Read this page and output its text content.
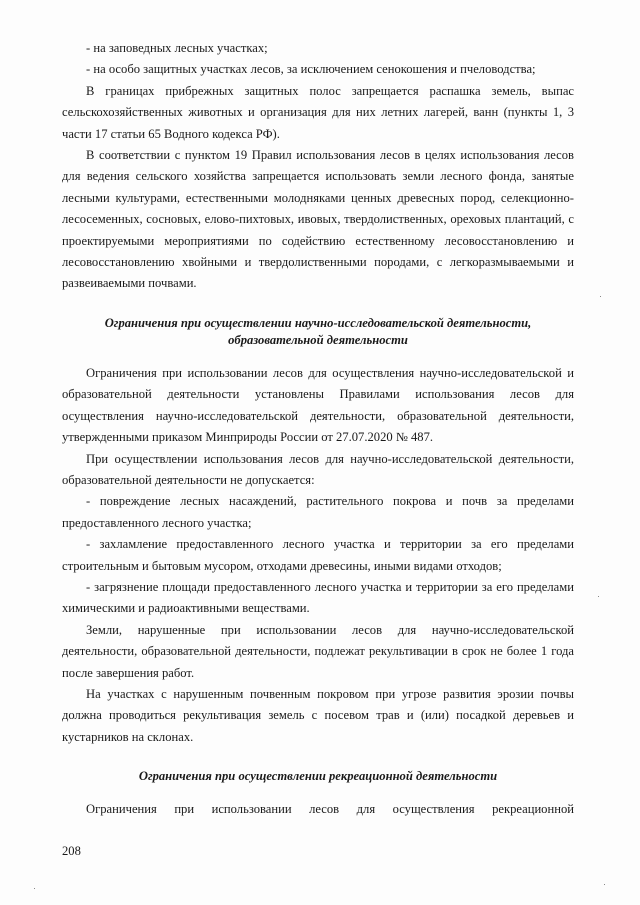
- на заповедных лесных участках;

- на особо защитных участках лесов, за исключением сенокошения и пчеловодства;

В границах прибрежных защитных полос запрещается распашка земель, выпас сельскохозяйственных животных и организация для них летних лагерей, ванн (пункты 1, 3 части 17 статьи 65 Водного кодекса РФ).

В соответствии с пунктом 19 Правил использования лесов в целях использования лесов для ведения сельского хозяйства запрещается использовать земли лесного фонда, занятые лесными культурами, естественными молодняками ценных древесных пород, селекционно-лесосеменных, сосновых, елово-пихтовых, ивовых, твердолиственных, ореховых плантаций, с проектируемыми мероприятиями по содействию естественному лесовосстановлению и лесовосстановлению хвойными и твердолиственными породами, с легкоразмываемыми и развеиваемыми почвами.

Ограничения при осуществлении научно-исследовательской деятельности,

образовательной деятельности

Ограничения при использовании лесов для осуществления научно-исследовательской и образовательной деятельности установлены Правилами использования лесов для осуществления научно-исследовательской деятельности, образовательной деятельности, утвержденными приказом Минприроды России от 27.07.2020 № 487.

При осуществлении использования лесов для научно-исследовательской деятельности, образовательной деятельности не допускается:

- повреждение лесных насаждений, растительного покрова и почв за пределами предоставленного лесного участка;

- захламление предоставленного лесного участка и территории за его пределами строительным и бытовым мусором, отходами древесины, иными видами отходов;

- загрязнение площади предоставленного лесного участка и территории за его пределами химическими и радиоактивными веществами.

Земли, нарушенные при использовании лесов для научно-исследовательской деятельности, образовательной деятельности, подлежат рекультивации в срок не более 1 года после завершения работ.

На участках с нарушенным почвенным покровом при угрозе развития эрозии почвы должна проводиться рекультивация земель с посевом трав и (или) посадкой деревьев и кустарников на склонах.

Ограничения при осуществлении рекреационной деятельности

Ограничения при использовании лесов для осуществления рекреационной

208
